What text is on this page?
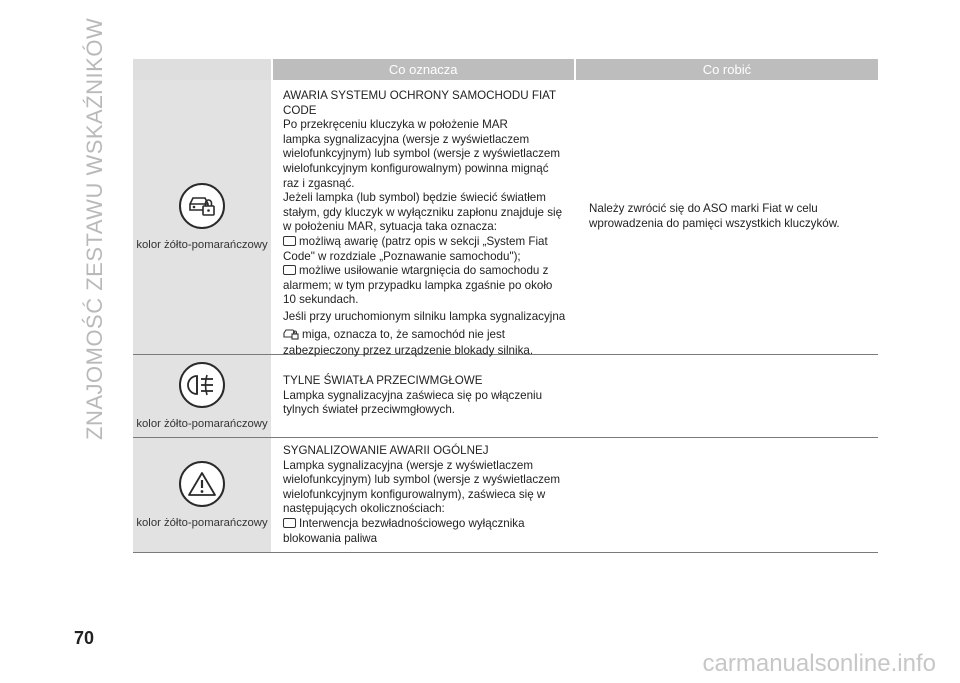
ZNAJOMOŚĆ ZESTAWU WSKAŹNIKÓW	Co oznacza	Co robić
kolor żółto-pomarańczowy

AWARIA SYSTEMU OCHRONY SAMOCHODU FIAT

CODE

Po przekręceniu kluczyka w położenie MAR

lampka sygnalizacyjna (wersje z wyświetlaczem

wielofunkcyjnym) lub symbol (wersje z wyświetlaczem

wielofunkcyjnym konfigurowalnym) powinna mignąć

raz i zgasnąć.

Jeżeli lampka (lub symbol) będzie świecić światłem

stałym, gdy kluczyk w wyłączniku zapłonu znajduje się

w położeniu MAR, sytuacja taka oznacza:

możliwą awarię (patrz opis w sekcji „System Fiat

Code" w rozdziale „Poznawanie samochodu");

możliwe usiłowanie wtargnięcia do samochodu z

alarmem; w tym przypadku lampka zgaśnie po około

10 sekundach.

Jeśli przy uruchomionym silniku lampka sygnalizacyjna

miga, oznacza to, że samochód nie jest

zabezpieczony przez urządzenie blokady silnika.

Należy zwrócić się do ASO marki Fiat w celu wprowadzenia do pamięci wszystkich kluczyków.

kolor żółto-pomarańczowy

TYLNE ŚWIATŁA PRZECIWMGŁOWE

Lampka sygnalizacyjna zaświeca się po włączeniu

tylnych świateł przeciwmgłowych.

kolor żółto-pomarańczowy

SYGNALIZOWANIE AWARII OGÓLNEJ

Lampka sygnalizacyjna (wersje z wyświetlaczem

wielofunkcyjnym) lub symbol (wersje z wyświetlaczem

wielofunkcyjnym konfigurowalnym), zaświeca się w

następujących okolicznościach:

Interwencja bezwładnościowego wyłącznika

blokowania paliwa

70
carmanualsonline.info
